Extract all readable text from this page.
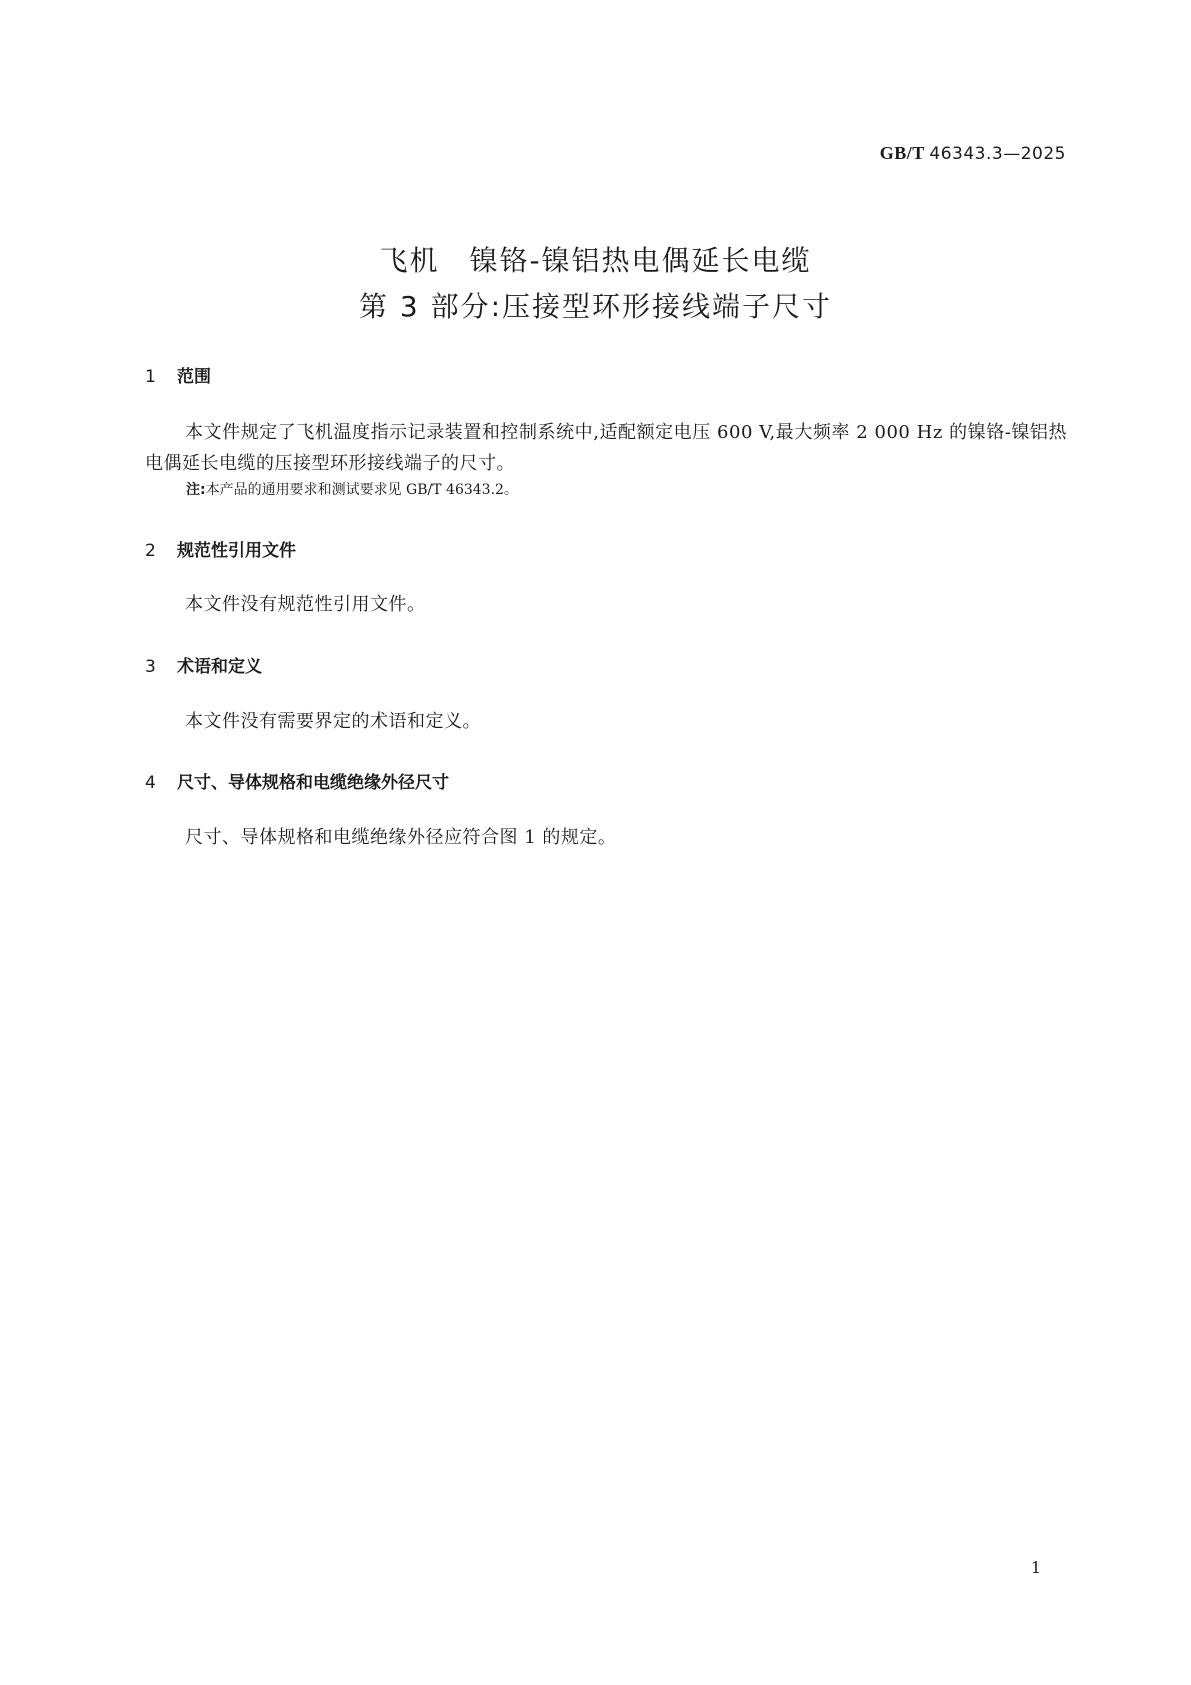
GB/T 46343.3—2025
飞机 镍铬-镍铝热电偶延长电缆
第 3 部分:压接型环形接线端子尺寸
1 范围
本文件规定了飞机温度指示记录装置和控制系统中,适配额定电压 600 V,最大频率 2 000 Hz 的镍铬-镍铝热电偶延长电缆的压接型环形接线端子的尺寸。
注:本产品的通用要求和测试要求见 GB/T 46343.2。
2 规范性引用文件
本文件没有规范性引用文件。
3 术语和定义
本文件没有需要界定的术语和定义。
4 尺寸、导体规格和电缆绝缘外径尺寸
尺寸、导体规格和电缆绝缘外径应符合图 1 的规定。
1
